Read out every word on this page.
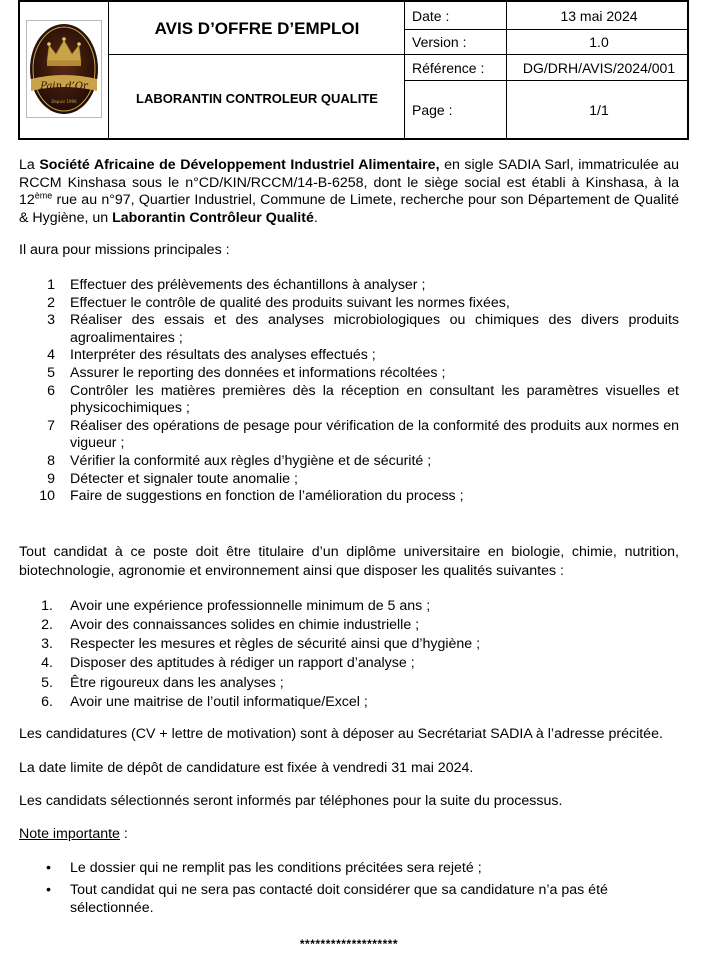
Pain d’Or
Depuis 1996
AVIS D’OFFRE D’EMPLOI
LABORANTIN CONTROLEUR QUALITE
Date :	13 mai 2024
Version :	1.0
Référence :	DG/DRH/AVIS/2024/001
Page :	1/1

La Société Africaine de Développement Industriel Alimentaire, en sigle SADIA Sarl, immatriculée au RCCM Kinshasa sous le n°CD/KIN/RCCM/14-B-6258, dont le siège social est établi à Kinshasa, à la 12ème rue au n°97, Quartier Industriel, Commune de Limete, recherche pour son Département de Qualité & Hygiène, un Laborantin Contrôleur Qualité.

Il aura pour missions principales :

1 Effectuer des prélèvements des échantillons à analyser ;
2 Effectuer le contrôle de qualité des produits suivant les normes fixées,
3 Réaliser des essais et des analyses microbiologiques ou chimiques des divers produits agroalimentaires ;
4 Interpréter des résultats des analyses effectués ;
5 Assurer le reporting des données et informations récoltées ;
6 Contrôler les matières premières dès la réception en consultant les paramètres visuelles et physicochimiques ;
7 Réaliser des opérations de pesage pour vérification de la conformité des produits aux normes en vigueur ;
8 Vérifier la conformité aux règles d’hygiène et de sécurité ;
9 Détecter et signaler toute anomalie ;
10 Faire de suggestions en fonction de l’amélioration du process ;

Tout candidat à ce poste doit être titulaire d’un diplôme universitaire en biologie, chimie, nutrition, biotechnologie, agronomie et environnement ainsi que disposer les qualités suivantes :

1. Avoir une expérience professionnelle minimum de 5 ans ;
2. Avoir des connaissances solides en chimie industrielle ;
3. Respecter les mesures et règles de sécurité ainsi que d’hygiène ;
4. Disposer des aptitudes à rédiger un rapport d’analyse ;
5. Être rigoureux dans les analyses ;
6. Avoir une maitrise de l’outil informatique/Excel ;

Les candidatures (CV + lettre de motivation) sont à déposer au Secrétariat SADIA à l’adresse précitée.

La date limite de dépôt de candidature est fixée à vendredi 31 mai 2024.

Les candidats sélectionnés seront informés par téléphones pour la suite du processus.

Note importante :

• Le dossier qui ne remplit pas les conditions précitées sera rejeté ;
• Tout candidat qui ne sera pas contacté doit considérer que sa candidature n’a pas été sélectionnée.
*******************
